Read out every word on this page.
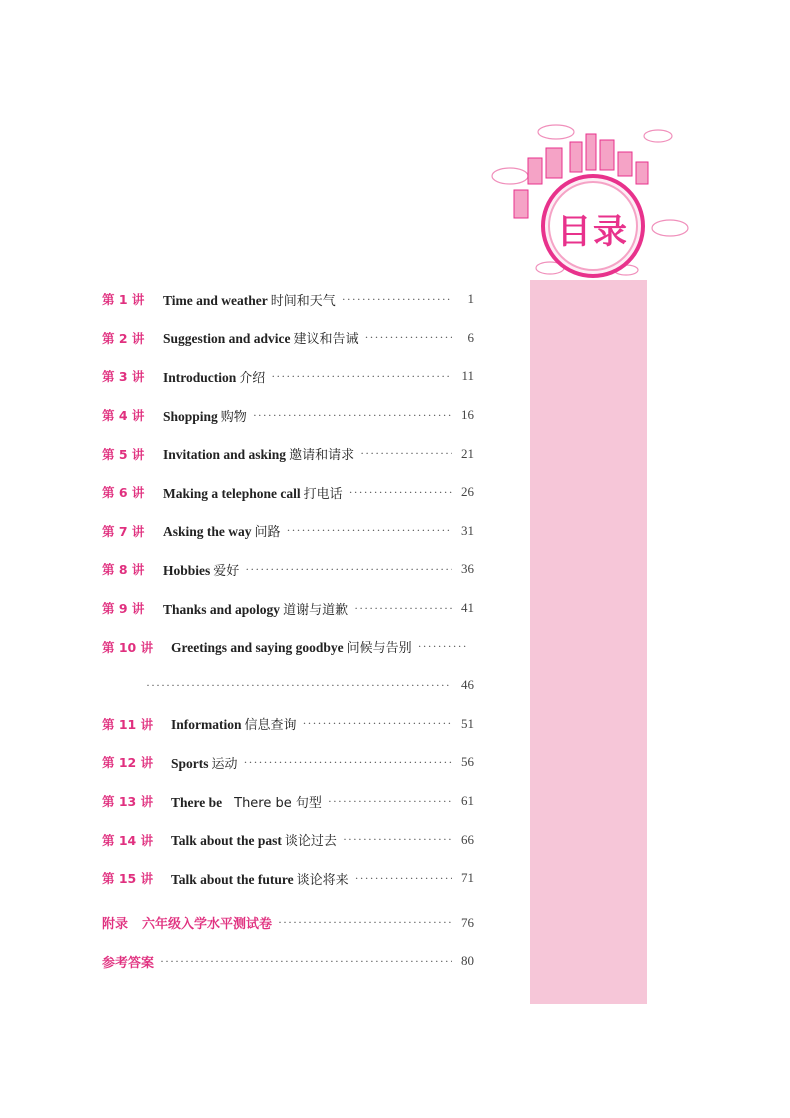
目录
第 1 讲	Time and weather 时间和天气 ·····	1
第 2 讲	Suggestion and advice 建议和告诫 ·····	6
第 3 讲	Introduction 介绍 ·····	11
第 4 讲	Shopping 购物 ·····	16
第 5 讲	Invitation and asking 邀请和请求 ·····	21
第 6 讲	Making a telephone call 打电话 ·····	26
第 7 讲	Asking the way 问路 ·····	31
第 8 讲	Hobbies 爱好 ·····	36
第 9 讲	Thanks and apology 道谢与道歉 ·····	41
第 10 讲	Greetings and saying goodbye 问候与告别
·····
·····
46
第 11 讲	Information 信息查询 ·····	51
第 12 讲	Sports 运动 ·····	56
第 13 讲	There be There be 句型 ·····	61
第 14 讲	Talk about the past 谈论过去 ·····	66
第 15 讲	Talk about the future 谈论将来 ·····	71
附录 六年级入学水平测试卷 ·····	76
参考答案 ·····	80
